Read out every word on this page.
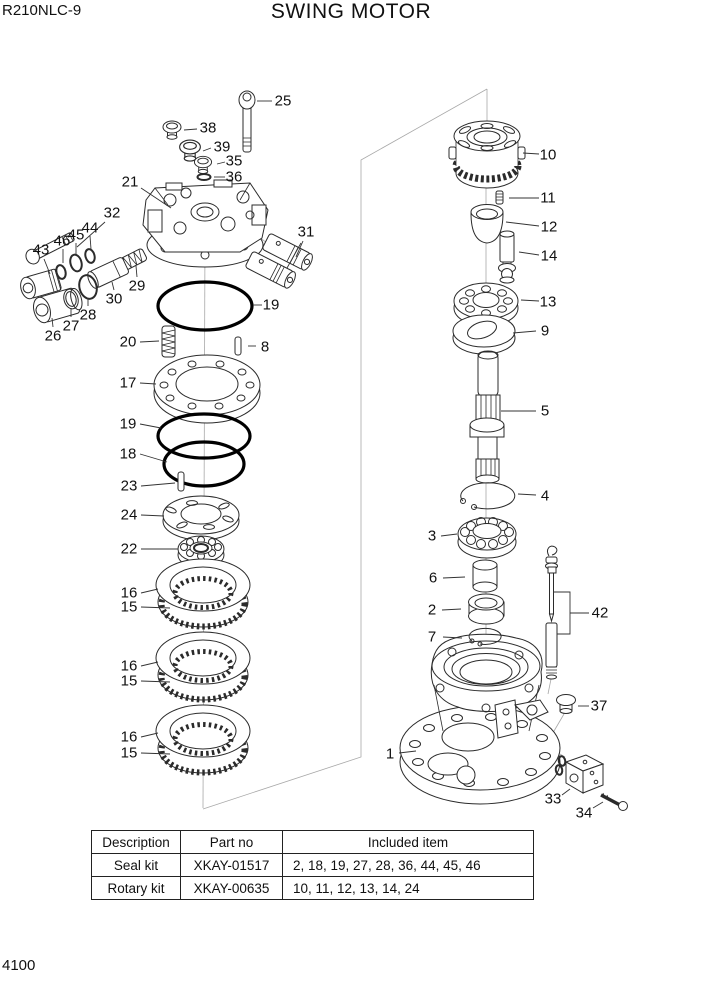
R210NLC-9	SWING MOTOR
25
38
39
35
36
21
32
31
43
46
45
44
26
27
28
30
29
20
19
8
17
19
18
23
24
22
16
15
16
15
16
15
10
11
12
14
13
9
5
4
3
6
2
7
42
37
1
33
34
Description	Part no	Included item
Seal kit	XKAY-01517	2, 18, 19, 27, 28, 36, 44, 45, 46
Rotary kit	XKAY-00635	10, 11, 12, 13, 14, 24
4100
